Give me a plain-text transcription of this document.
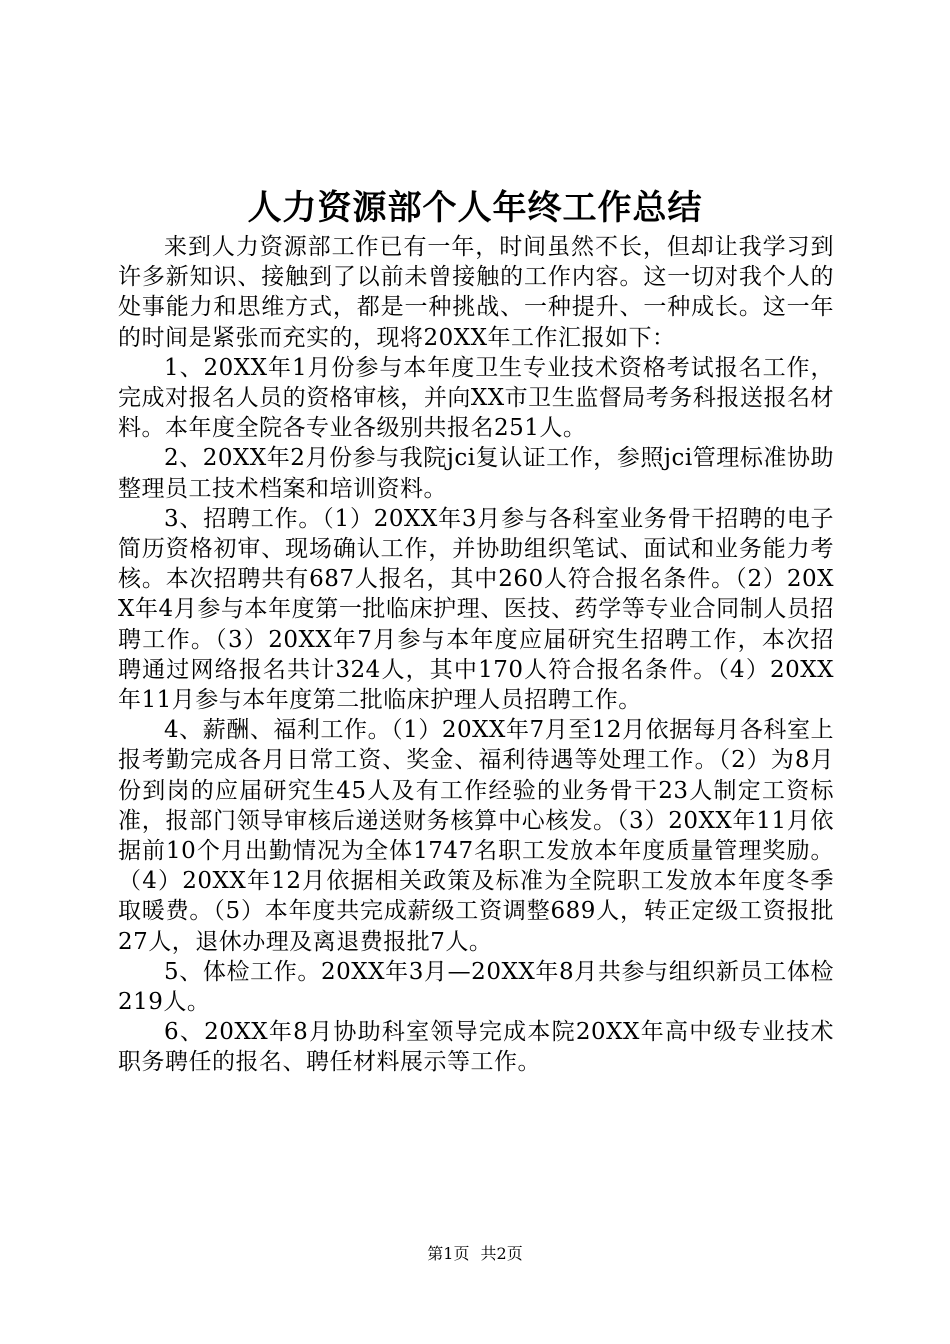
人力资源部个人年终工作总结

来到人力资源部工作已有一年，时间虽然不长，但却让我学习到许多新知识、接触到了以前未曾接触的工作内容。这一切对我个人的处事能力和思维方式，都是一种挑战、一种提升、一种成长。这一年的时间是紧张而充实的，现将20XX年工作汇报如下：

1、20XX年1月份参与本年度卫生专业技术资格考试报名工作，完成对报名人员的资格审核，并向XX市卫生监督局考务科报送报名材料。本年度全院各专业各级别共报名251人。

2、20XX年2月份参与我院jci复认证工作，参照jci管理标准协助整理员工技术档案和培训资料。

3、招聘工作。（1）20XX年3月参与各科室业务骨干招聘的电子简历资格初审、现场确认工作，并协助组织笔试、面试和业务能力考核。本次招聘共有687人报名，其中260人符合报名条件。（2）20XX年4月参与本年度第一批临床护理、医技、药学等专业合同制人员招聘工作。（3）20XX年7月参与本年度应届研究生招聘工作，本次招聘通过网络报名共计324人，其中170人符合报名条件。（4）20XX年11月参与本年度第二批临床护理人员招聘工作。

4、薪酬、福利工作。（1）20XX年7月至12月依据每月各科室上报考勤完成各月日常工资、奖金、福利待遇等处理工作。（2）为8月份到岗的应届研究生45人及有工作经验的业务骨干23人制定工资标准，报部门领导审核后递送财务核算中心核发。（3）20XX年11月依据前10个月出勤情况为全体1747名职工发放本年度质量管理奖励。（4）20XX年12月依据相关政策及标准为全院职工发放本年度冬季取暖费。（5）本年度共完成薪级工资调整689人，转正定级工资报批27人，退休办理及离退费报批7人。

5、体检工作。20XX年3月—20XX年8月共参与组织新员工体检219人。

6、20XX年8月协助科室领导完成本院20XX年高中级专业技术职务聘任的报名、聘任材料展示等工作。

第1页 共2页
